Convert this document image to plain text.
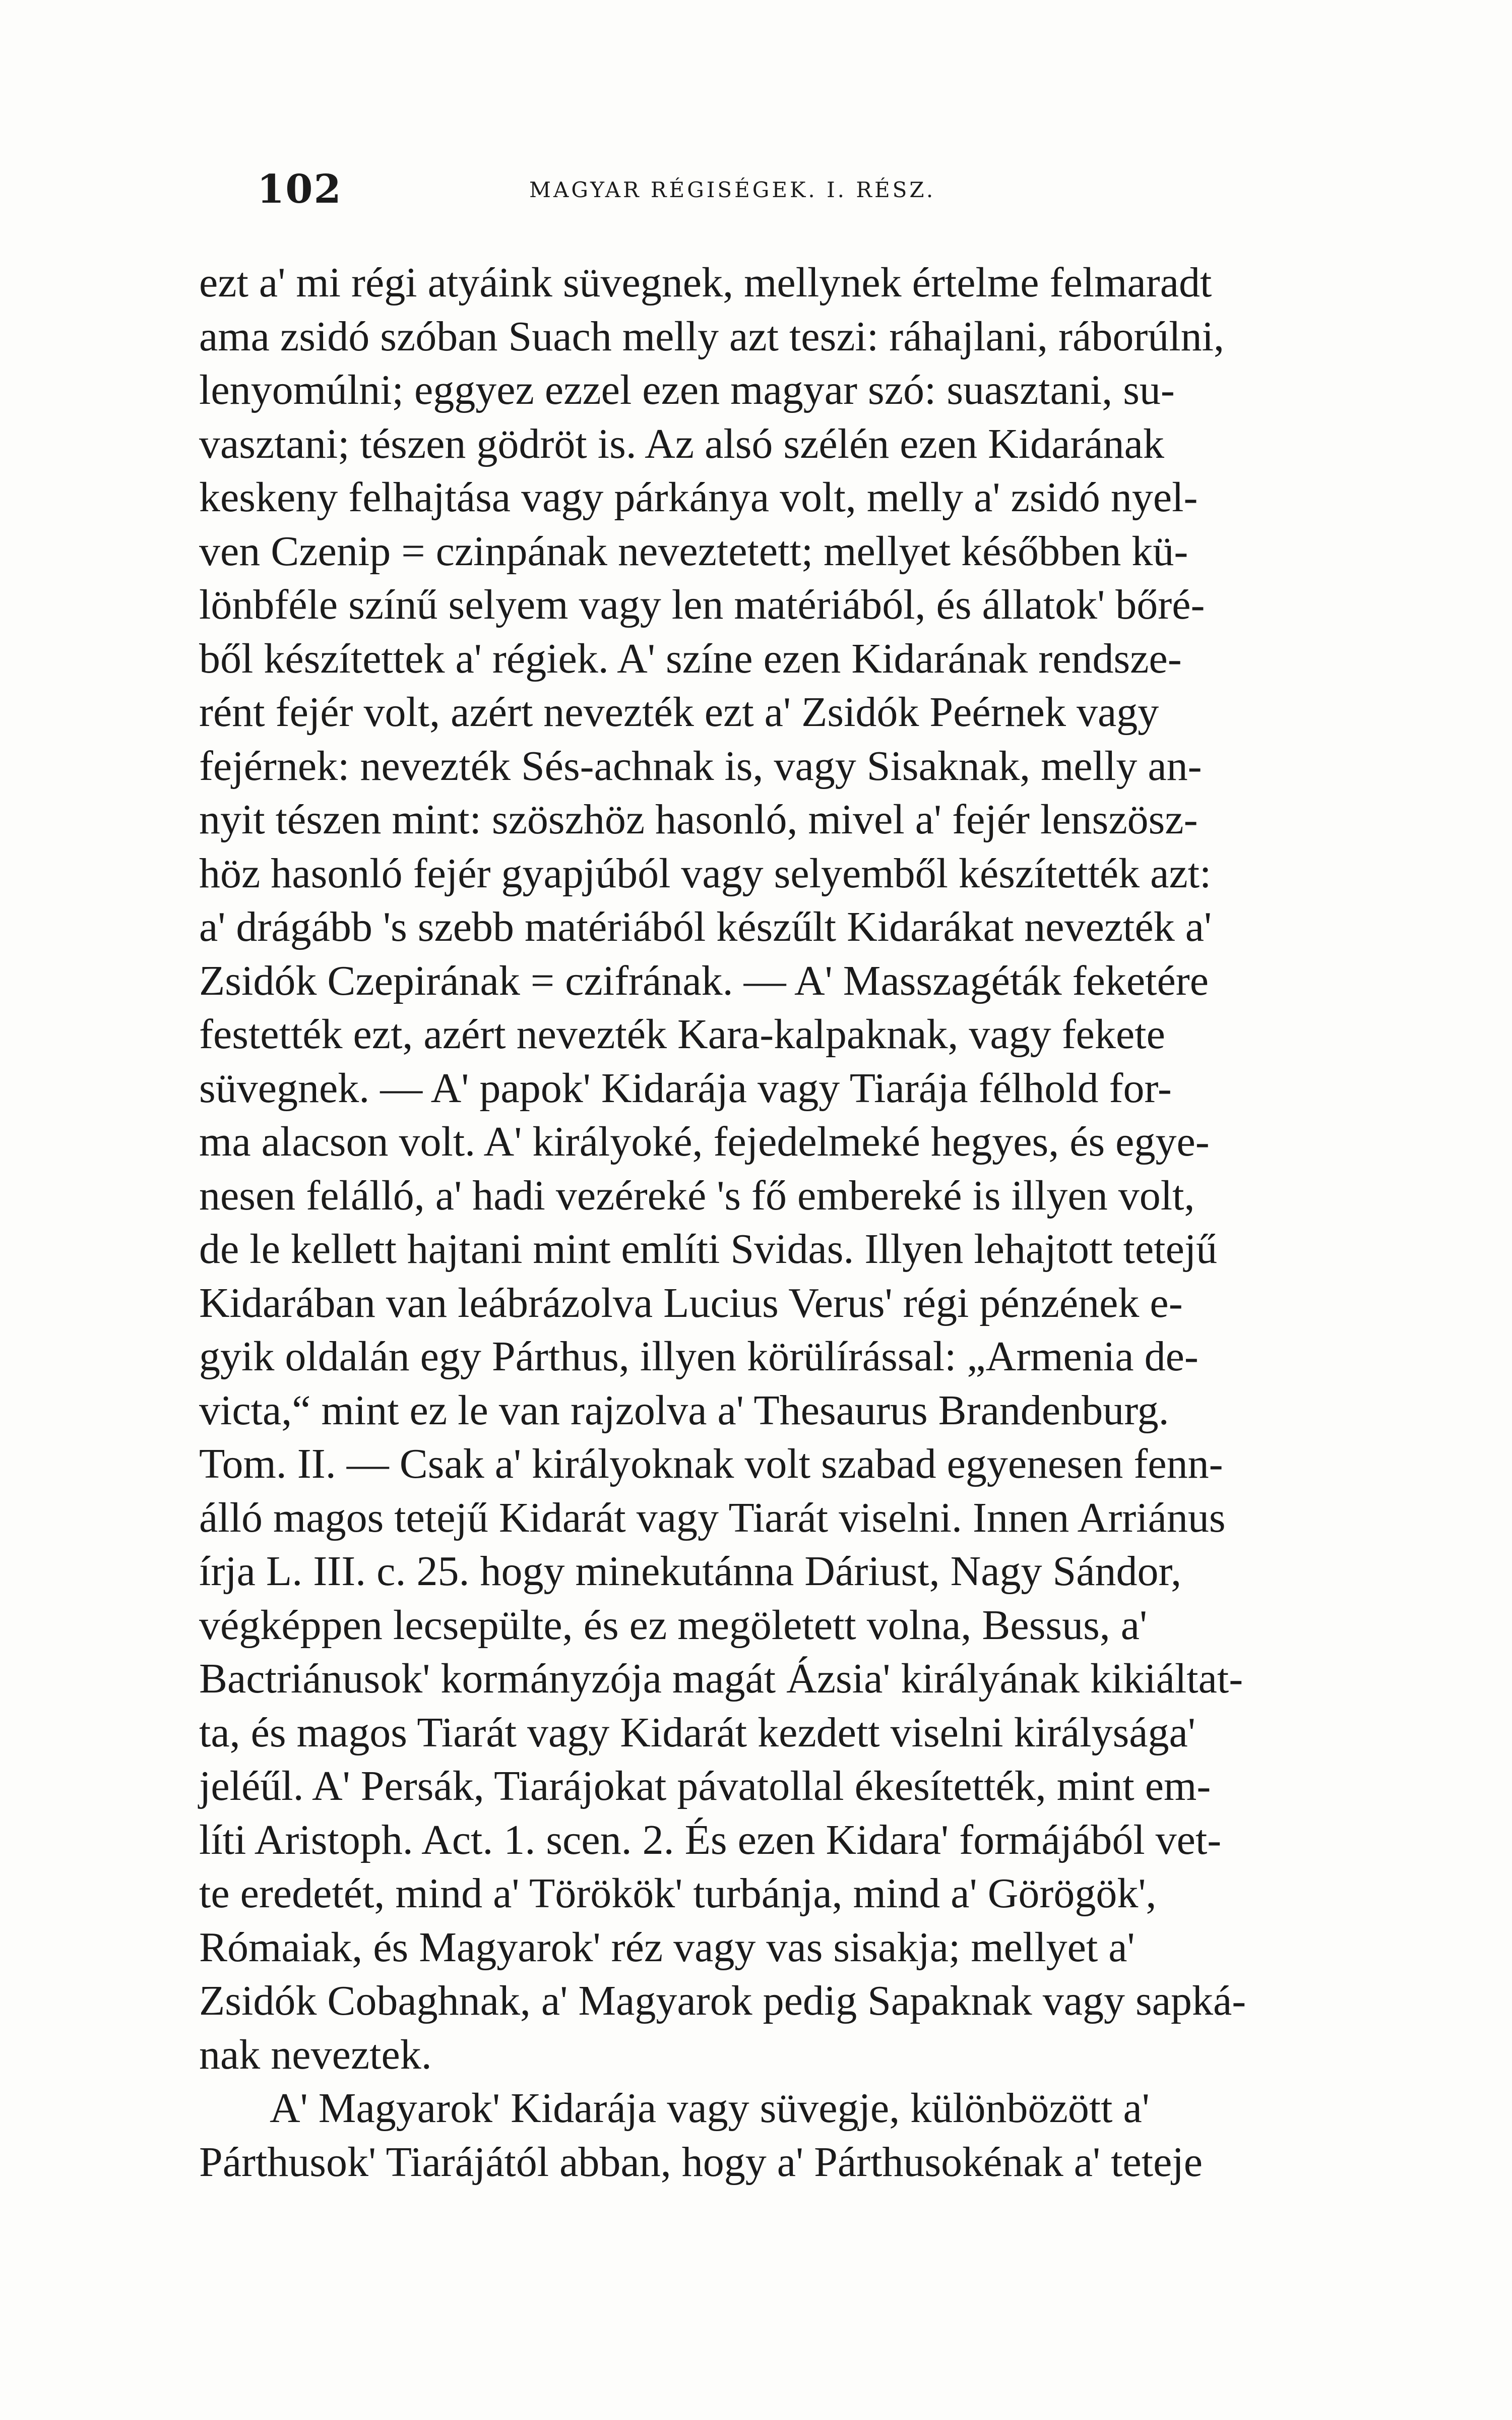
102	MAGYAR RÉGISÉGEK. I. RÉSZ.
ezt a' mi régi atyáink süvegnek, mellynek értelme felmaradt
ama zsidó szóban Suach melly azt teszi: ráhajlani, ráborúlni,
lenyomúlni; eggyez ezzel ezen magyar szó: suasztani, su-
vasztani; tészen gödröt is. Az alsó szélén ezen Kidarának
keskeny felhajtása vagy párkánya volt, melly a' zsidó nyel-
ven Czenip = czinpának neveztetett; mellyet későbben kü-
lönbféle színű selyem vagy len matériából, és állatok' bőré-
ből készítettek a' régiek. A' színe ezen Kidarának rendsze-
rént fejér volt, azért nevezték ezt a' Zsidók Peérnek vagy
fejérnek: nevezték Sés-achnak is, vagy Sisaknak, melly an-
nyit tészen mint: szöszhöz hasonló, mivel a' fejér lenszösz-
höz hasonló fejér gyapjúból vagy selyemből készítették azt:
a' drágább 's szebb matériából készűlt Kidarákat nevezték a'
Zsidók Czepirának = czifrának. — A' Masszagéták feketére
festették ezt, azért nevezték Kara-kalpaknak, vagy fekete
süvegnek. — A' papok' Kidarája vagy Tiarája félhold for-
ma alacson volt. A' királyoké, fejedelmeké hegyes, és egye-
nesen felálló, a' hadi vezéreké 's fő embereké is illyen volt,
de le kellett hajtani mint említi Svidas. Illyen lehajtott tetejű
Kidarában van leábrázolva Lucius Verus' régi pénzének e-
gyik oldalán egy Párthus, illyen körülírással: „Armenia de-
victa,“ mint ez le van rajzolva a' Thesaurus Brandenburg.
Tom. II. — Csak a' királyoknak volt szabad egyenesen fenn-
álló magos tetejű Kidarát vagy Tiarát viselni. Innen Arriánus
írja L. III. c. 25. hogy minekutánna Dáriust, Nagy Sándor,
végképpen lecsepülte, és ez megöletett volna, Bessus, a'
Bactriánusok' kormányzója magát Ázsia' királyának kikiáltat-
ta, és magos Tiarát vagy Kidarát kezdett viselni királysága'
jeléűl. A' Persák, Tiarájokat pávatollal ékesítették, mint em-
líti Aristoph. Act. 1. scen. 2. És ezen Kidara' formájából vet-
te eredetét, mind a' Törökök' turbánja, mind a' Görögök',
Rómaiak, és Magyarok' réz vagy vas sisakja; mellyet a'
Zsidók Cobaghnak, a' Magyarok pedig Sapaknak vagy sapká-
nak neveztek.
A' Magyarok' Kidarája vagy süvegje, különbözött a'
Párthusok' Tiarájától abban, hogy a' Párthusokénak a' teteje
